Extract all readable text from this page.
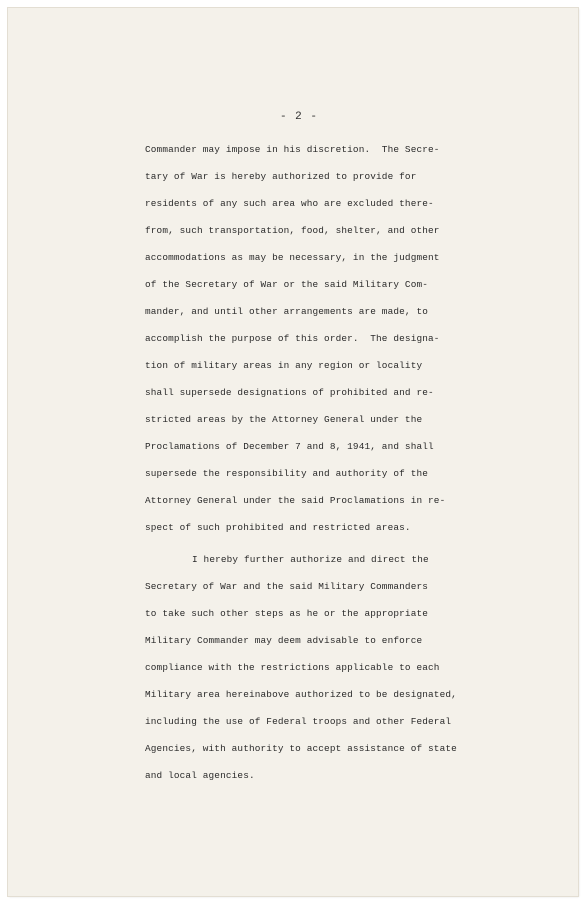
- 2 -
Commander may impose in his discretion.  The Secre-
tary of War is hereby authorized to provide for
residents of any such area who are excluded there-
from, such transportation, food, shelter, and other
accommodations as may be necessary, in the judgment
of the Secretary of War or the said Military Com-
mander, and until other arrangements are made, to
accomplish the purpose of this order.  The designa-
tion of military areas in any region or locality
shall supersede designations of prohibited and re-
stricted areas by the Attorney General under the
Proclamations of December 7 and 8, 1941, and shall
supersede the responsibility and authority of the
Attorney General under the said Proclamations in re-
spect of such prohibited and restricted areas.
I hereby further authorize and direct the
Secretary of War and the said Military Commanders
to take such other steps as he or the appropriate
Military Commander may deem advisable to enforce
compliance with the restrictions applicable to each
Military area hereinabove authorized to be designated,
including the use of Federal troops and other Federal
Agencies, with authority to accept assistance of state
and local agencies.
